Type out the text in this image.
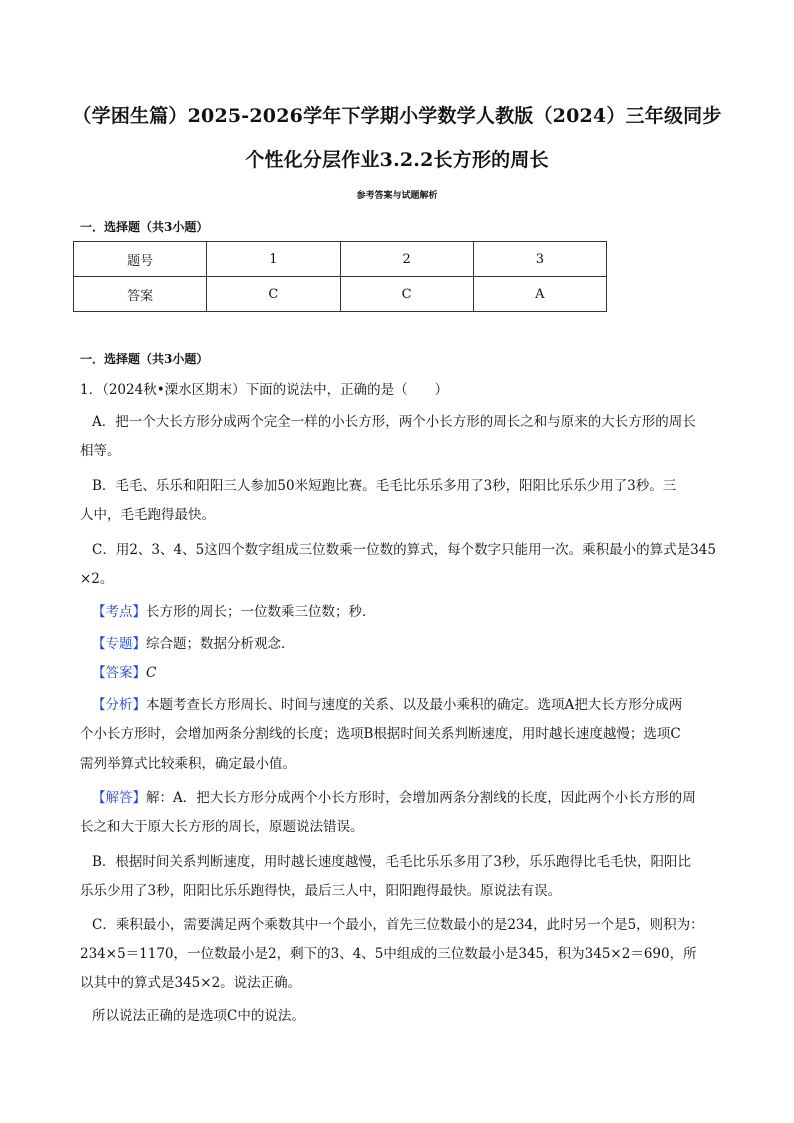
（学困生篇）2025-2026学年下学期小学数学人教版（2024）三年级同步
个性化分层作业3.2.2长方形的周长
参考答案与试题解析
一．选择题（共3小题）
题号	1	2	3
答案	C	C	A
一．选择题（共3小题）
1．（2024秋•溧水区期末）下面的说法中，正确的是（　　）
A．把一个大长方形分成两个完全一样的小长方形，两个小长方形的周长之和与原来的大长方形的周长
相等。
B．毛毛、乐乐和阳阳三人参加50米短跑比赛。毛毛比乐乐多用了3秒，阳阳比乐乐少用了3秒。三
人中，毛毛跑得最快。
C．用2、3、4、5这四个数字组成三位数乘一位数的算式，每个数字只能用一次。乘积最小的算式是345
×2。
【考点】长方形的周长；一位数乘三位数；秒．
【专题】综合题；数据分析观念．
【答案】C
【分析】本题考查长方形周长、时间与速度的关系、以及最小乘积的确定。选项A把大长方形分成两
个小长方形时，会增加两条分割线的长度；选项B根据时间关系判断速度，用时越长速度越慢；选项C
需列举算式比较乘积，确定最小值。
【解答】解：A．把大长方形分成两个小长方形时，会增加两条分割线的长度，因此两个小长方形的周
长之和大于原大长方形的周长，原题说法错误。
B．根据时间关系判断速度，用时越长速度越慢，毛毛比乐乐多用了3秒，乐乐跑得比毛毛快，阳阳比
乐乐少用了3秒，阳阳比乐乐跑得快，最后三人中，阳阳跑得最快。原说法有误。
C．乘积最小，需要满足两个乘数其中一个最小，首先三位数最小的是234，此时另一个是5，则积为：
234×5＝1170，一位数最小是2，剩下的3、4、5中组成的三位数最小是345，积为345×2＝690，所
以其中的算式是345×2。说法正确。
所以说法正确的是选项C中的说法。
